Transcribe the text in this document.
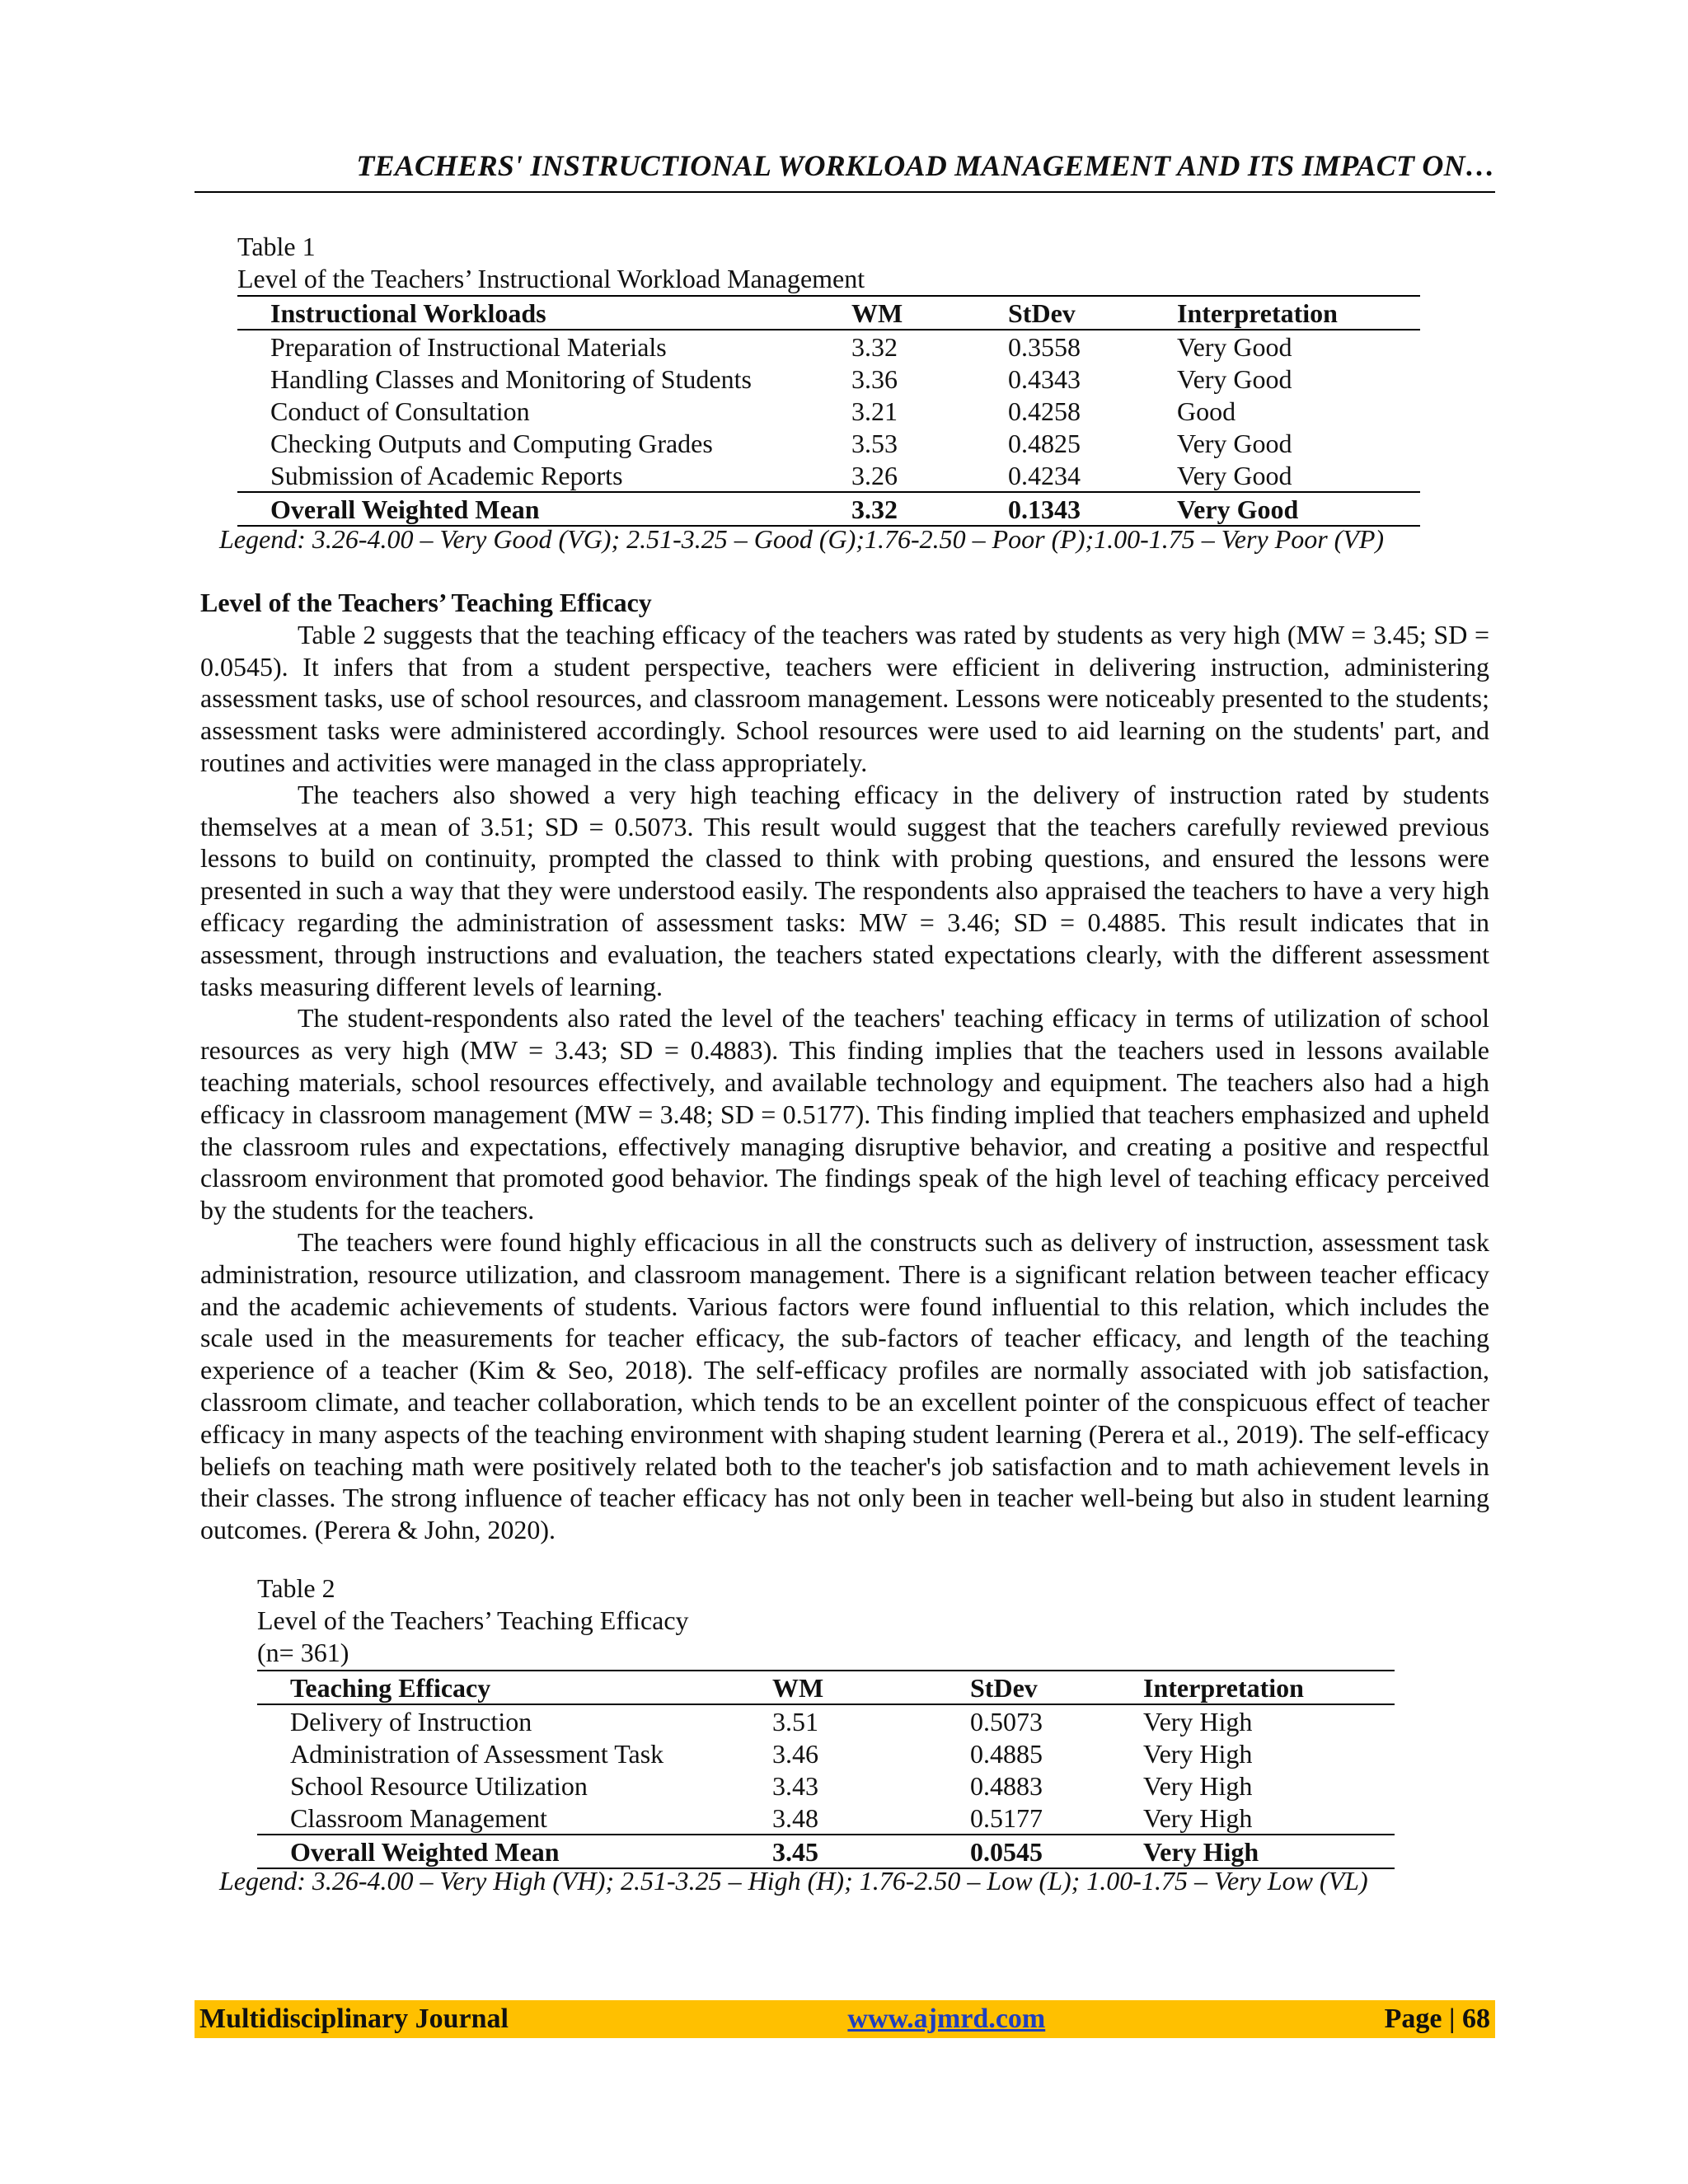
TEACHERS' INSTRUCTIONAL WORKLOAD MANAGEMENT AND ITS IMPACT ON…

Table 1

Level of the Teachers’ Instructional Workload Management

	Instructional Workloads	WM	StDev	Interpretation
	Preparation of Instructional Materials	3.32	0.3558	Very Good
	Handling Classes and Monitoring of Students	3.36	0.4343	Very Good
	Conduct of Consultation	3.21	0.4258	Good
	Checking Outputs and Computing Grades	3.53	0.4825	Very Good
	Submission of Academic Reports	3.26	0.4234	Very Good
	Overall Weighted Mean	3.32	0.1343	Very Good
Legend: 3.26-4.00 – Very Good (VG); 2.51-3.25 – Good (G);1.76-2.50 – Poor (P);1.00-1.75 – Very Poor (VP)
Level of the Teachers’ Teaching Efficacy

Table 2 suggests that the teaching efficacy of the teachers was rated by students as very high (MW = 3.45; SD = 0.0545). It infers that from a student perspective, teachers were efficient in delivering instruction, administering assessment tasks, use of school resources, and classroom management. Lessons were noticeably presented to the students; assessment tasks were administered accordingly. School resources were used to aid learning on the students' part, and routines and activities were managed in the class appropriately.

The teachers also showed a very high teaching efficacy in the delivery of instruction rated by students themselves at a mean of 3.51; SD = 0.5073. This result would suggest that the teachers carefully reviewed previous lessons to build on continuity, prompted the classed to think with probing questions, and ensured the lessons were presented in such a way that they were understood easily. The respondents also appraised the teachers to have a very high efficacy regarding the administration of assessment tasks: MW = 3.46; SD = 0.4885. This result indicates that in assessment, through instructions and evaluation, the teachers stated expectations clearly, with the different assessment tasks measuring different levels of learning.

The student-respondents also rated the level of the teachers' teaching efficacy in terms of utilization of school resources as very high (MW = 3.43; SD = 0.4883). This finding implies that the teachers used in lessons available teaching materials, school resources effectively, and available technology and equipment. The teachers also had a high efficacy in classroom management (MW = 3.48; SD = 0.5177). This finding implied that teachers emphasized and upheld the classroom rules and expectations, effectively managing disruptive behavior, and creating a positive and respectful classroom environment that promoted good behavior. The findings speak of the high level of teaching efficacy perceived by the students for the teachers.

The teachers were found highly efficacious in all the constructs such as delivery of instruction, assessment task administration, resource utilization, and classroom management. There is a significant relation between teacher efficacy and the academic achievements of students. Various factors were found influential to this relation, which includes the scale used in the measurements for teacher efficacy, the sub-factors of teacher efficacy, and length of the teaching experience of a teacher (Kim & Seo, 2018). The self-efficacy profiles are normally associated with job satisfaction, classroom climate, and teacher collaboration, which tends to be an excellent pointer of the conspicuous effect of teacher efficacy in many aspects of the teaching environment with shaping student learning (Perera et al., 2019). The self-efficacy beliefs on teaching math were positively related both to the teacher's job satisfaction and to math achievement levels in their classes. The strong influence of teacher efficacy has not only been in teacher well-being but also in student learning outcomes. (Perera & John, 2020).

Table 2

Level of the Teachers’ Teaching Efficacy

(n= 361)

	Teaching Efficacy	WM	StDev	Interpretation
	Delivery of Instruction	3.51	0.5073	Very High
	Administration of Assessment Task	3.46	0.4885	Very High
	School Resource Utilization	3.43	0.4883	Very High
	Classroom Management	3.48	0.5177	Very High
	Overall Weighted Mean	3.45	0.0545	Very High
Legend: 3.26-4.00 – Very High (VH); 2.51-3.25 – High (H); 1.76-2.50 – Low (L); 1.00-1.75 – Very Low (VL)
Multidisciplinary Journal	www.ajmrd.com	Page | 68
